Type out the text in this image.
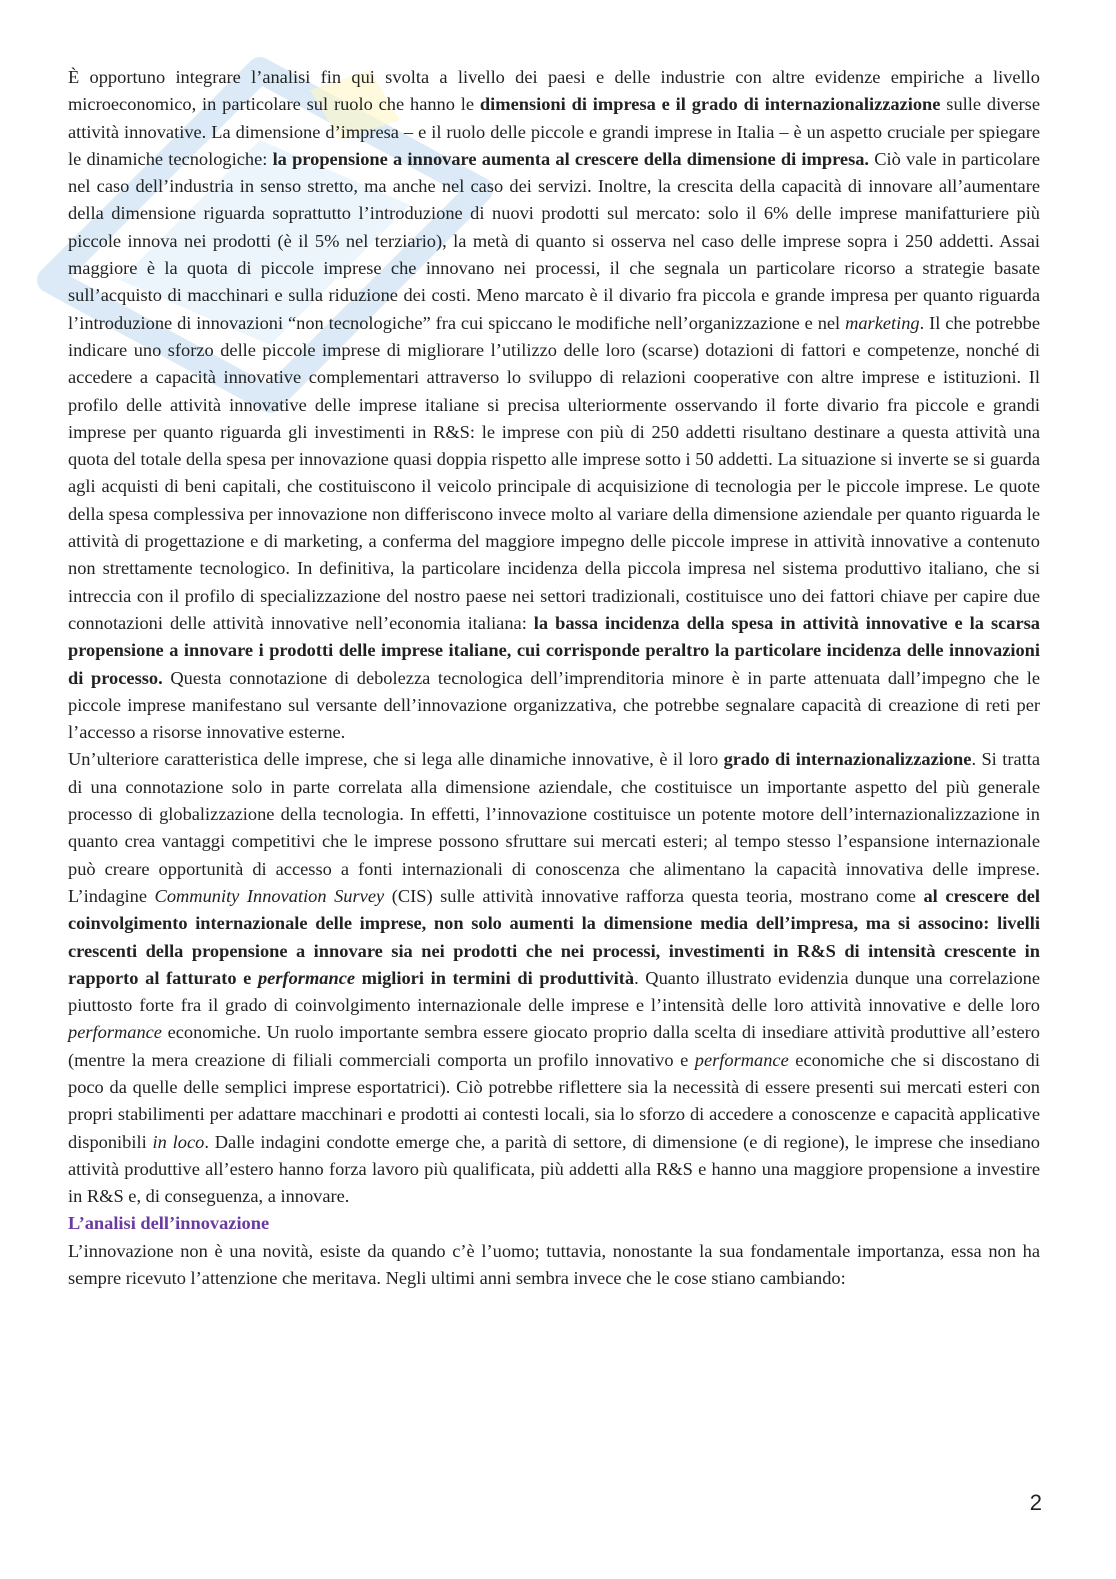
È opportuno integrare l’analisi fin qui svolta a livello dei paesi e delle industrie con altre evidenze empiriche a livello microeconomico, in particolare sul ruolo che hanno le dimensioni di impresa e il grado di internazionalizzazione sulle diverse attività innovative. La dimensione d’impresa – e il ruolo delle piccole e grandi imprese in Italia – è un aspetto cruciale per spiegare le dinamiche tecnologiche: la propensione a innovare aumenta al crescere della dimensione di impresa. Ciò vale in particolare nel caso dell’industria in senso stretto, ma anche nel caso dei servizi. Inoltre, la crescita della capacità di innovare all’aumentare della dimensione riguarda soprattutto l’introduzione di nuovi prodotti sul mercato: solo il 6% delle imprese manifatturiere più piccole innova nei prodotti (è il 5% nel terziario), la metà di quanto si osserva nel caso delle imprese sopra i 250 addetti. Assai maggiore è la quota di piccole imprese che innovano nei processi, il che segnala un particolare ricorso a strategie basate sull’acquisto di macchinari e sulla riduzione dei costi. Meno marcato è il divario fra piccola e grande impresa per quanto riguarda l’introduzione di innovazioni “non tecnologiche” fra cui spiccano le modifiche nell’organizzazione e nel marketing. Il che potrebbe indicare uno sforzo delle piccole imprese di migliorare l’utilizzo delle loro (scarse) dotazioni di fattori e competenze, nonché di accedere a capacità innovative complementari attraverso lo sviluppo di relazioni cooperative con altre imprese e istituzioni. Il profilo delle attività innovative delle imprese italiane si precisa ulteriormente osservando il forte divario fra piccole e grandi imprese per quanto riguarda gli investimenti in R&S: le imprese con più di 250 addetti risultano destinare a questa attività una quota del totale della spesa per innovazione quasi doppia rispetto alle imprese sotto i 50 addetti. La situazione si inverte se si guarda agli acquisti di beni capitali, che costituiscono il veicolo principale di acquisizione di tecnologia per le piccole imprese. Le quote della spesa complessiva per innovazione non differiscono invece molto al variare della dimensione aziendale per quanto riguarda le attività di progettazione e di marketing, a conferma del maggiore impegno delle piccole imprese in attività innovative a contenuto non strettamente tecnologico. In definitiva, la particolare incidenza della piccola impresa nel sistema produttivo italiano, che si intreccia con il profilo di specializzazione del nostro paese nei settori tradizionali, costituisce uno dei fattori chiave per capire due connotazioni delle attività innovative nell’economia italiana: la bassa incidenza della spesa in attività innovative e la scarsa propensione a innovare i prodotti delle imprese italiane, cui corrisponde peraltro la particolare incidenza delle innovazioni di processo. Questa connotazione di debolezza tecnologica dell’imprenditoria minore è in parte attenuata dall’impegno che le piccole imprese manifestano sul versante dell’innovazione organizzativa, che potrebbe segnalare capacità di creazione di reti per l’accesso a risorse innovative esterne.

Un’ulteriore caratteristica delle imprese, che si lega alle dinamiche innovative, è il loro grado di internazionalizzazione. Si tratta di una connotazione solo in parte correlata alla dimensione aziendale, che costituisce un importante aspetto del più generale processo di globalizzazione della tecnologia. In effetti, l’innovazione costituisce un potente motore dell’internazionalizzazione in quanto crea vantaggi competitivi che le imprese possono sfruttare sui mercati esteri; al tempo stesso l’espansione internazionale può creare opportunità di accesso a fonti internazionali di conoscenza che alimentano la capacità innovativa delle imprese. L’indagine Community Innovation Survey (CIS) sulle attività innovative rafforza questa teoria, mostrano come al crescere del coinvolgimento internazionale delle imprese, non solo aumenti la dimensione media dell’impresa, ma si associno: livelli crescenti della propensione a innovare sia nei prodotti che nei processi, investimenti in R&S di intensità crescente in rapporto al fatturato e performance migliori in termini di produttività. Quanto illustrato evidenzia dunque una correlazione piuttosto forte fra il grado di coinvolgimento internazionale delle imprese e l’intensità delle loro attività innovative e delle loro performance economiche. Un ruolo importante sembra essere giocato proprio dalla scelta di insediare attività produttive all’estero (mentre la mera creazione di filiali commerciali comporta un profilo innovativo e performance economiche che si discostano di poco da quelle delle semplici imprese esportatrici). Ciò potrebbe riflettere sia la necessità di essere presenti sui mercati esteri con propri stabilimenti per adattare macchinari e prodotti ai contesti locali, sia lo sforzo di accedere a conoscenze e capacità applicative disponibili in loco. Dalle indagini condotte emerge che, a parità di settore, di dimensione (e di regione), le imprese che insediano attività produttive all’estero hanno forza lavoro più qualificata, più addetti alla R&S e hanno una maggiore propensione a investire in R&S e, di conseguenza, a innovare.

L’analisi dell’innovazione

L’innovazione non è una novità, esiste da quando c’è l’uomo; tuttavia, nonostante la sua fondamentale importanza, essa non ha sempre ricevuto l’attenzione che meritava. Negli ultimi anni sembra invece che le cose stiano cambiando:

2
